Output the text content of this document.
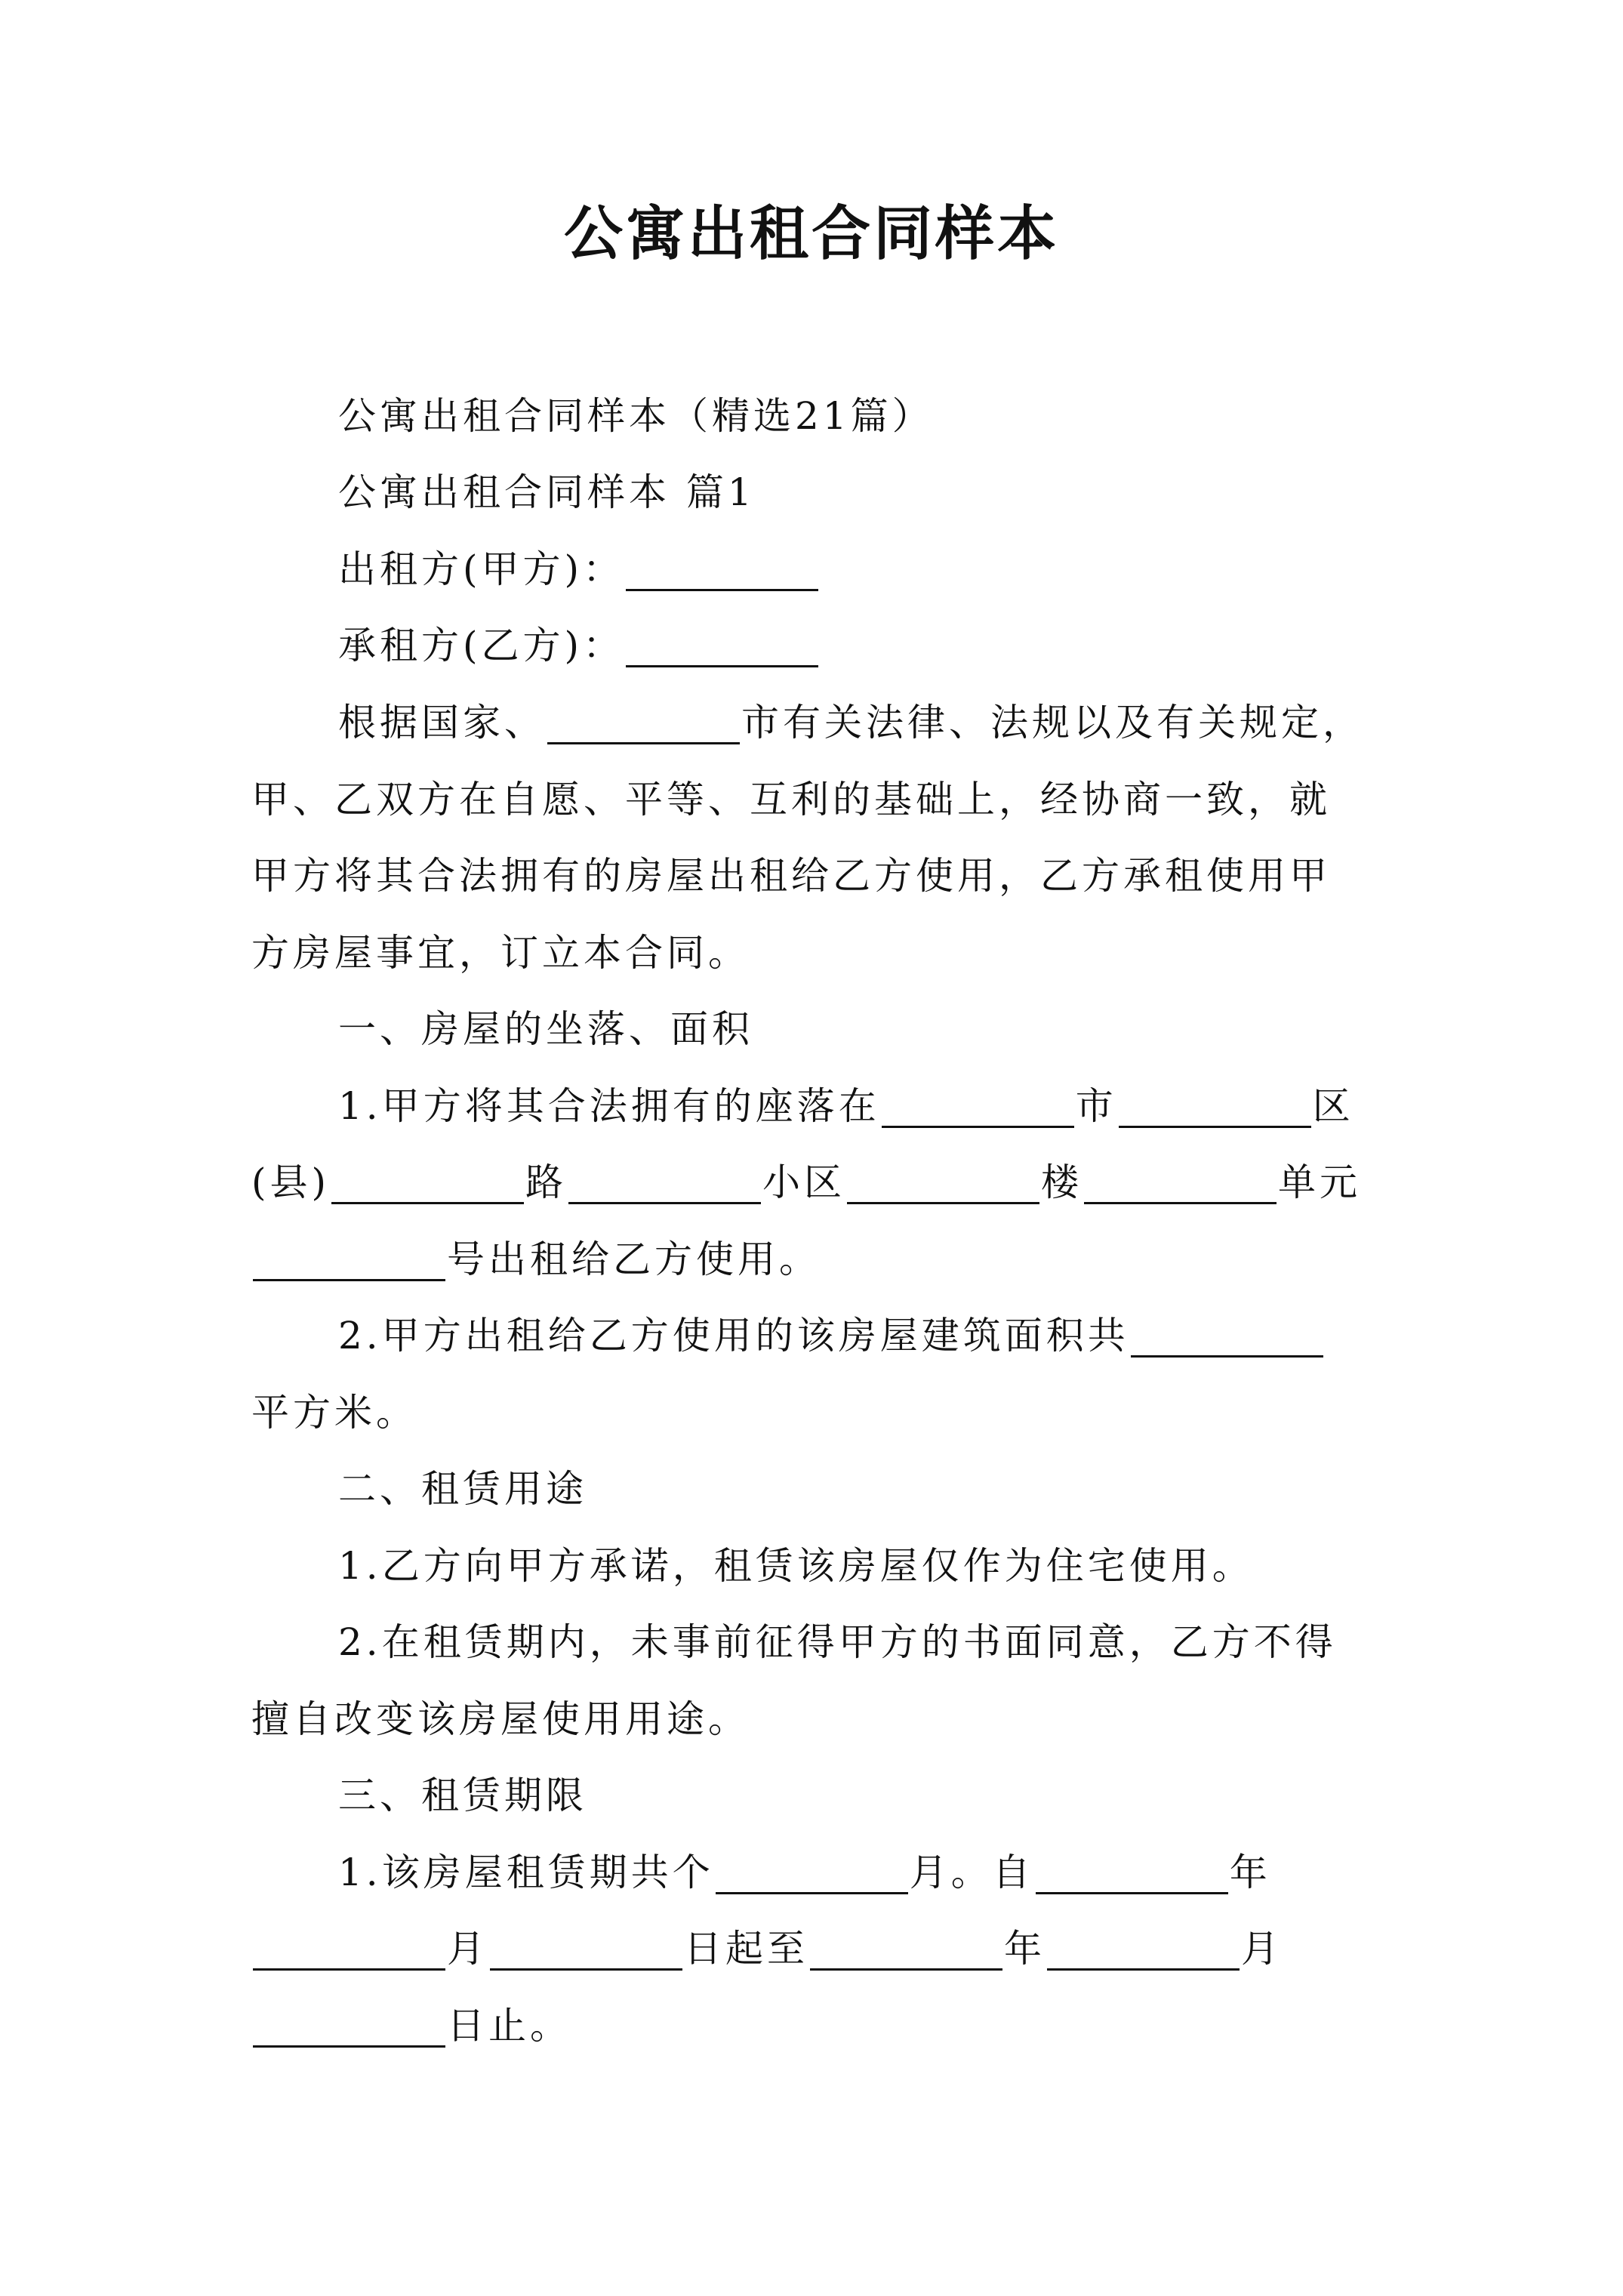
公寓出租合同样本
公寓出租合同样本（精选21篇）
公寓出租合同样本 篇1
出租方(甲方)：
承租方(乙方)：
根据国家、	市有关法律、法规以及有关规定，
甲、乙双方在自愿、平等、互利的基础上，经协商一致，就
甲方将其合法拥有的房屋出租给乙方使用，乙方承租使用甲
方房屋事宜，订立本合同。
一、房屋的坐落、面积
1.甲方将其合法拥有的座落在	市	区
(县)	路	小区	楼	单元
号出租给乙方使用。
2.甲方出租给乙方使用的该房屋建筑面积共
平方米。
二、租赁用途
1.乙方向甲方承诺，租赁该房屋仅作为住宅使用。
2.在租赁期内，未事前征得甲方的书面同意，乙方不得
擅自改变该房屋使用用途。
三、租赁期限
1.该房屋租赁期共个	月。自	年
月	日起至	年	月
日止。
